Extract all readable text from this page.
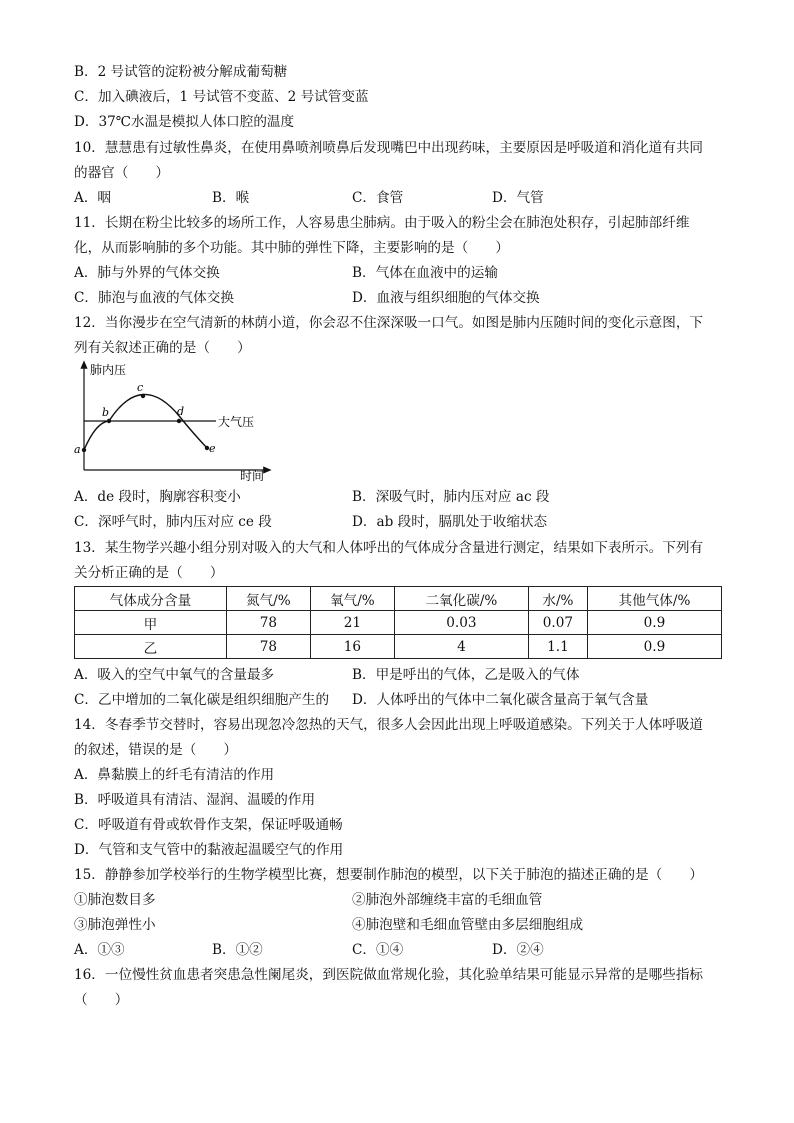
B．2 号试管的淀粉被分解成葡萄糖
C．加入碘液后，1 号试管不变蓝、2 号试管变蓝
D．37℃水温是模拟人体口腔的温度
10．慧慧患有过敏性鼻炎，在使用鼻喷剂喷鼻后发现嘴巴中出现药味，主要原因是呼吸道和消化道有共同
的器官（　　）
A．咽	B．喉	C．食管	D．气管
11．长期在粉尘比较多的场所工作，人容易患尘肺病。由于吸入的粉尘会在肺泡处积存，引起肺部纤维
化，从而影响肺的多个功能。其中肺的弹性下降，主要影响的是（　　）
A．肺与外界的气体交换	B．气体在血液中的运输
C．肺泡与血液的气体交换	D．血液与组织细胞的气体交换
12．当你漫步在空气清新的林荫小道，你会忍不住深深吸一口气。如图是肺内压随时间的变化示意图，下
列有关叙述正确的是（　　）
肺内压
时间
大气压
a
b
c
d
e
A．de 段时，胸廓容积变小	B．深吸气时，肺内压对应 ac 段
C．深呼气时，肺内压对应 ce 段	D．ab 段时，膈肌处于收缩状态
13．某生物学兴趣小组分别对吸入的大气和人体呼出的气体成分含量进行测定，结果如下表所示。下列有
关分析正确的是（　　）
气体成分含量	氮气/%	氧气/%	二氧化碳/%	水/%	其他气体/%
甲	78	21	0.03	0.07	0.9
乙	78	16	4	1.1	0.9
A．吸入的空气中氧气的含量最多	B．甲是呼出的气体，乙是吸入的气体
C．乙中增加的二氧化碳是组织细胞产生的 D．人体呼出的气体中二氧化碳含量高于氧气含量
14．冬春季节交替时，容易出现忽冷忽热的天气，很多人会因此出现上呼吸道感染。下列关于人体呼吸道
的叙述，错误的是（　　）
A．鼻黏膜上的纤毛有清洁的作用
B．呼吸道具有清洁、湿润、温暖的作用
C．呼吸道有骨或软骨作支架，保证呼吸通畅
D．气管和支气管中的黏液起温暖空气的作用
15．静静参加学校举行的生物学模型比赛，想要制作肺泡的模型，以下关于肺泡的描述正确的是（　　）
①肺泡数目多	②肺泡外部缠绕丰富的毛细血管
③肺泡弹性小	④肺泡壁和毛细血管壁由多层细胞组成
A．①③	B．①②	C．①④	D．②④
16．一位慢性贫血患者突患急性阑尾炎，到医院做血常规化验，其化验单结果可能显示异常的是哪些指标
（　　）
